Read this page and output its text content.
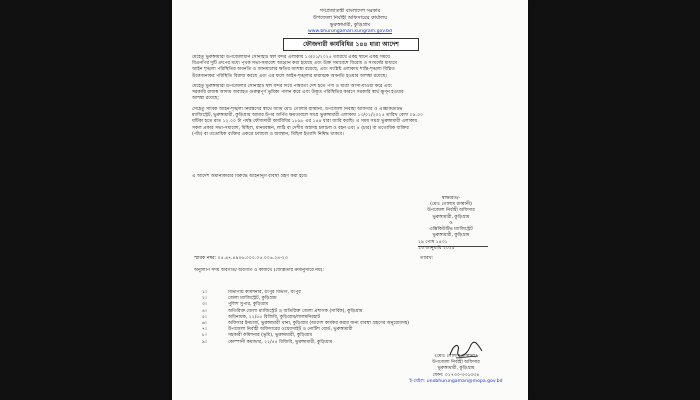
গণপ্রজাতন্ত্রী বাংলাদেশ সরকার
উপজেলা নির্বাহী অফিসারের কার্যালয়
ভুরুঙ্গামারী, কুড়িগ্রাম
www.bhurungamari.kurigram.gov.bd
ফৌজদারী কার্যবিধির ১৪৪ ধারা আদেশ
যেহেতু ভুরুঙ্গামারী উপজেলাধীন সোনাহাট স্থল বন্দর এলাকায় ১৩/০১/২০২৫ তারিখে একই স্থানে একই সময়ে
বিএনপির দুটি গ্রুপের মধ্যে পৃথক সভা-সমাবেশ আহ্বান করা হয়েছে এবং উক্ত সমাবেশে বিরোধ ও সংঘর্ষের মাধ্যমে
আইন শৃঙ্খলা পরিস্থিতির অবনতি ও জানমালের ক্ষতির আশঙ্কা রয়েছে, এবং সংশ্লিষ্ট এলাকায় শান্তি-শৃঙ্খলা বিঘ্নিত
উত্তেজনাকর পরিস্থিতি বিরাজ করছে এবং এর ফলে আইন-শৃঙ্খলার মারাত্মক অবনতি হওয়ার আশঙ্কা রয়েছে।
যেহেতু ভুরুঙ্গামারী উপজেলার সোনাহাট স্থল বন্দর দিয়ে পার্শ্ববর্তী দেশ হতে পণ্য ও যাত্রী আসা-যাওয়া করে এবং
সরকারি রাজস্ব আদায় অব্যাহত গুরুত্বপূর্ণ ভূমিকা পালন করে এবং উদ্ভূত পরিস্থিতির কারণে সরকারি স্বার্থ ক্ষুণ্ন হওয়ার
আশঙ্কা রয়েছে;
সেহেতু সার্বিক আইন-শৃঙ্খলা নিয়ন্ত্রণের স্বার্থে আমি মোঃ গোলাম রাব্বানী, উপজেলা নির্বাহী অফিসার ও এক্সিকিউটিভ
ম্যাজিস্ট্রেট, ভুরুঙ্গামারী, কুড়িগ্রাম আমার উপর অর্পিত ক্ষমতাবলে সমগ্র ভুরুঙ্গামারী এলাকায় ১৩/০১/২০২৫ তারিখ বেলা ০৯.০০
ঘটিকা হতে রাত ১২.০০ টা পর্যন্ত ফৌজদারী কার্যবিধির ১৮৯৮ এর ১৪৪ ধারা জারি করছি। এ সময় সমগ্র ভুরুঙ্গামারী এলাকায়
সকল প্রকার সভা-সমাবেশ, মিছিল, মানববন্ধন, লাঠি বা দেশীয় অস্ত্রসহ চলাচল ও বহন এবং ৪ (চার) বা ততোধিক ব্যক্তির
(পাঁচ) বা ততোধিক ব্যক্তির একত্রে চলাচল ও অবস্থান, মিছিল ইত্যাদি নিষিদ্ধ থাকবে।
এ আদেশ অমান্যকারীর বিরুদ্ধে আইনানুগ ব্যবস্থা গ্রহণ করা হবে।
স্বাক্ষরিত/-
(মোঃ গোলাম রাব্বানী)
উপজেলা নির্বাহী অফিসার
ভুরুঙ্গামারী, কুড়িগ্রাম
ও
এক্সিকিউটিভ ম্যাজিস্ট্রেট
ভুরুঙ্গামারী, কুড়িগ্রাম
২৯ পৌষ ১৪৩১
১৩ জানুয়ারি ২০২৫
স্মারক নম্বর: ০৫.৪৭.৪৯০৬.০০০.০৫.০০৬.২৪-২৩	তারিখ:
অনুলিপি সদয় অবগতি/ অবগতি ও কার্যার্থে (জ্যেষ্ঠতার ক্রমানুসারে নয়):
১।	বিভাগীয় কমিশনার, রংপুর বিভাগ, রংপুর
২।	জেলা ম্যাজিস্ট্রেট, কুড়িগ্রাম
৩।	পুলিশ সুপার, কুড়িগ্রাম
৪।	অতিরিক্ত জেলা ম্যাজিস্ট্রেট ও অতিরিক্ত জেলা প্রশাসক (সার্বিক), কুড়িগ্রাম
৫।	অধিনায়ক, ২২/৫৫ বিজিবি, কুড়িগ্রাম/লালমনিরহাট
৬।	অফিসার ইনচার্জ, ভুরুঙ্গামারী থানা, কুড়িগ্রাম (আদেশ কার্যকর করার জন্য ব্যবস্থা গ্রহণের অনুরোধসহ)
৭।	উপজেলা নির্বাহী অফিসারের ওয়েবসাইট ও নোটিশ বোর্ড, ভুরুঙ্গামারী
৮।	সহকারী কমিশনার (ভূমি), ভুরুঙ্গামারী, কুড়িগ্রাম
৯।	কোম্পানী কমান্ডার, ২২/৫৫ বিজিবি, ভুরুঙ্গামারী, কুড়িগ্রাম
(মোঃ গোলাম রাব্বানী)
উপজেলা নির্বাহী অফিসার
ভুরুঙ্গামারী, কুড়িগ্রাম
ফোন: ০১৭৩০-৩৩১৩৩৪
ই-মেইল: unobhurungamari@mopa.gov.bd
